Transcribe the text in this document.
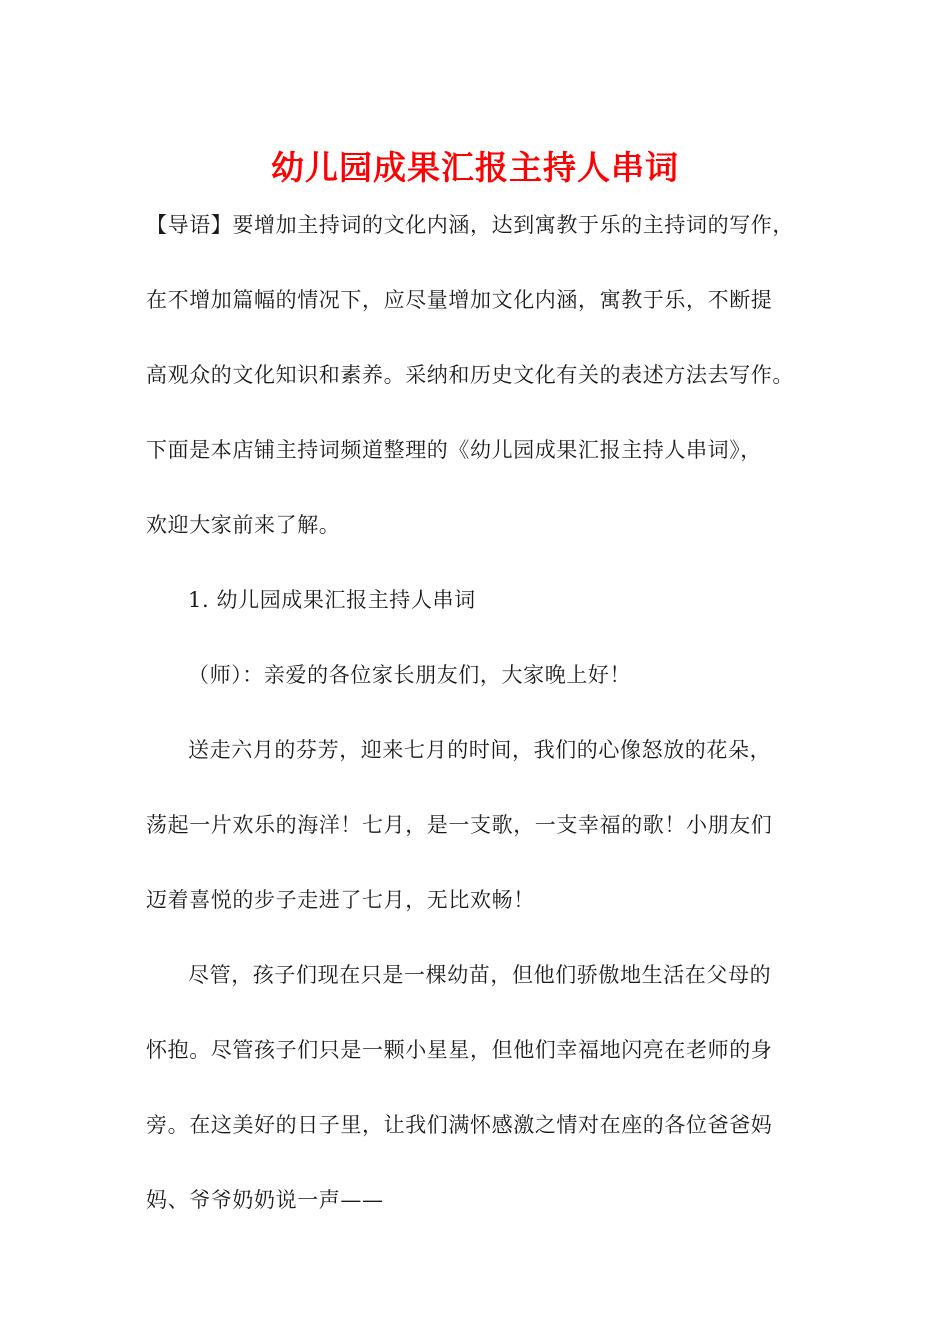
幼儿园成果汇报主持人串词

【导语】要增加主持词的文化内涵，达到寓教于乐的主持词的写作，

在不增加篇幅的情况下，应尽量增加文化内涵，寓教于乐，不断提

高观众的文化知识和素养。采纳和历史文化有关的表述方法去写作。

下面是本店铺主持词频道整理的《幼儿园成果汇报主持人串词》，

欢迎大家前来了解。

1. 幼儿园成果汇报主持人串词

（师）：亲爱的各位家长朋友们，大家晚上好！

送走六月的芬芳，迎来七月的时间，我们的心像怒放的花朵，

荡起一片欢乐的海洋！七月，是一支歌，一支幸福的歌！小朋友们

迈着喜悦的步子走进了七月，无比欢畅！

尽管，孩子们现在只是一棵幼苗，但他们骄傲地生活在父母的

怀抱。尽管孩子们只是一颗小星星，但他们幸福地闪亮在老师的身

旁。在这美好的日子里，让我们满怀感激之情对在座的各位爸爸妈

妈、爷爷奶奶说一声——
